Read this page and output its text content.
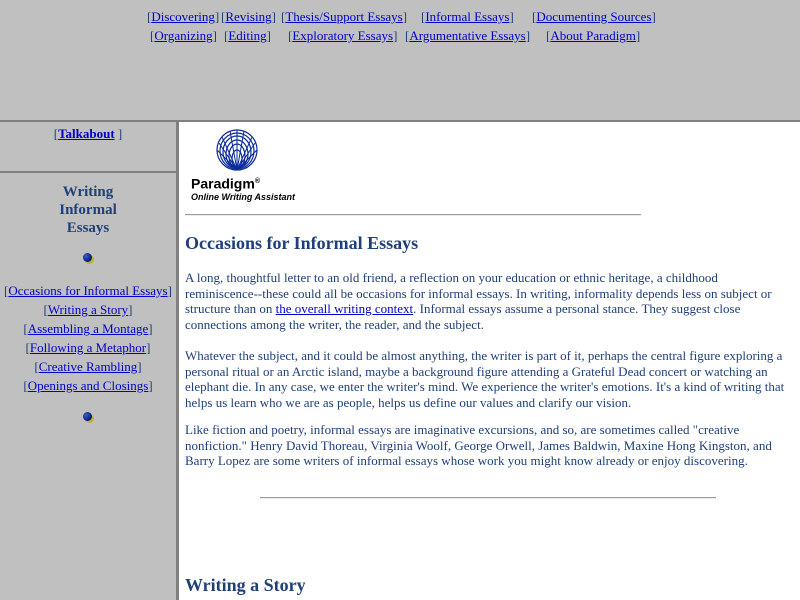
[Discovering] [Revising] [Thesis/Support Essays] [Informal Essays] [Documenting Sources]
[Organizing] [Editing] [Exploratory Essays] [Argumentative Essays] [About Paradigm]
[Talkabout ]
Writing
Informal
Essays
[Occasions for Informal Essays]
[Writing a Story]
[Assembling a Montage]
[Following a Metaphor]
[Creative Rambling]
[Openings and Closings]
Paradigm®
Online Writing Assistant
Occasions for Informal Essays

A long, thoughtful letter to an old friend, a reflection on your education or ethnic heritage, a childhood reminiscence--these could all be occasions for informal essays. In writing, informality depends less on subject or structure than on the overall writing context. Informal essays assume a personal stance. They suggest close connections among the writer, the reader, and the subject.

Whatever the subject, and it could be almost anything, the writer is part of it, perhaps the central figure exploring a personal ritual or an Arctic island, maybe a background figure attending a Grateful Dead concert or watching an elephant die. In any case, we enter the writer's mind. We experience the writer's emotions. It's a kind of writing that helps us learn who we are as people, helps us define our values and clarify our vision.

Like fiction and poetry, informal essays are imaginative excursions, and so, are sometimes called "creative nonfiction." Henry David Thoreau, Virginia Woolf, George Orwell, James Baldwin, Maxine Hong Kingston, and Barry Lopez are some writers of informal essays whose work you might know already or enjoy discovering.

Writing a Story
